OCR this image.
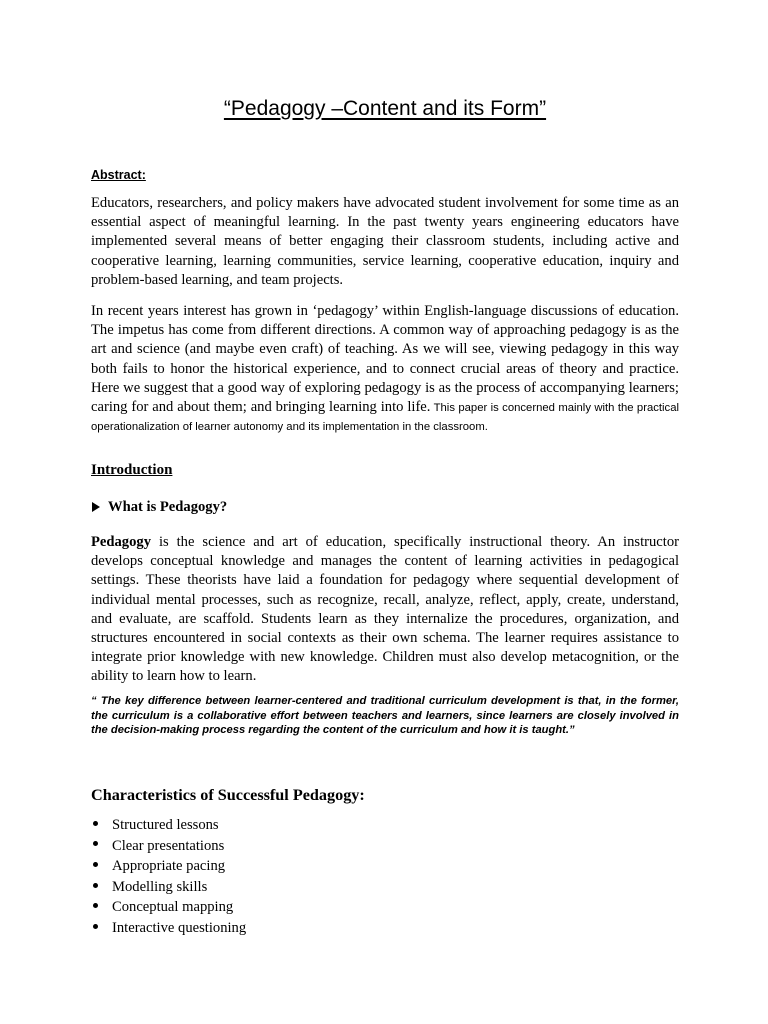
“Pedagogy –Content and its Form”

Abstract:

Educators, researchers, and policy makers have advocated student involvement for some time as an essential aspect of meaningful learning. In the past twenty years engineering educators have implemented several means of better engaging their classroom students, including active and cooperative learning, learning communities, service learning, cooperative education, inquiry and problem-based learning, and team projects.

In recent years interest has grown in ‘pedagogy’ within English-language discussions of education. The impetus has come from different directions. A common way of approaching pedagogy is as the art and science (and maybe even craft) of teaching. As we will see, viewing pedagogy in this way both fails to honor the historical experience, and to connect crucial areas of theory and practice. Here we suggest that a good way of exploring pedagogy is as the process of accompanying learners; caring for and about them; and bringing learning into life. This paper is concerned mainly with the practical operationalization of learner autonomy and its implementation in the classroom.

Introduction
What is Pedagogy?

Pedagogy is the science and art of education, specifically instructional theory. An instructor develops conceptual knowledge and manages the content of learning activities in pedagogical settings. These theorists have laid a foundation for pedagogy where sequential development of individual mental processes, such as recognize, recall, analyze, reflect, apply, create, understand, and evaluate, are scaffold. Students learn as they internalize the procedures, organization, and structures encountered in social contexts as their own schema. The learner requires assistance to integrate prior knowledge with new knowledge. Children must also develop metacognition, or the ability to learn how to learn.

“ The key difference between learner-centered and traditional curriculum development is that, in the former, the curriculum is a collaborative effort between teachers and learners, since learners are closely involved in the decision-making process regarding the content of the curriculum and how it is taught.”

Characteristics of Successful Pedagogy:
Structured lessons
Clear presentations
Appropriate pacing
Modelling skills
Conceptual mapping
Interactive questioning
